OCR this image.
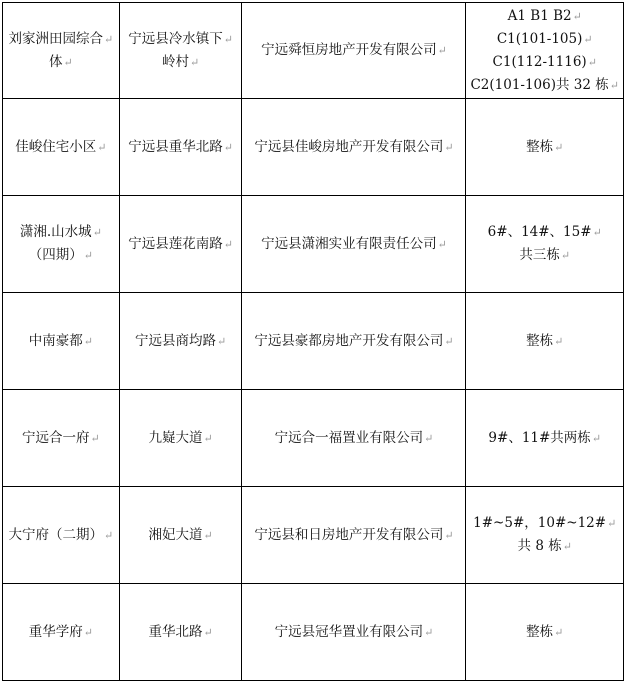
刘家洲田园综合↵
体↵	宁远县冷水镇下↵
岭村↵	宁远舜恒房地产开发有限公司↵	A1 B1 B2↵
C1(101-105)↵
C1(112-1116)↵
C2(101-106)共 32 栋↵

佳峻住宅小区↵	宁远县重华北路↵	宁远县佳峻房地产开发有限公司↵	整栋↵

潇湘.山水城↵
（四期）↵	宁远县莲花南路↵	宁远县潇湘实业有限责任公司↵	6#、14#、15#↵
共三栋↵

中南豪都↵	宁远县商均路↵	宁远县豪都房地产开发有限公司↵	整栋↵

宁远合一府↵	九嶷大道↵	宁远合一福置业有限公司↵	9#、11#共两栋↵

大宁府（二期）↵	湘妃大道↵	宁远县和日房地产开发有限公司↵	1#~5#，10#~12#↵
共 8 栋↵

重华学府↵	重华北路↵	宁远县冠华置业有限公司↵	整栋↵
